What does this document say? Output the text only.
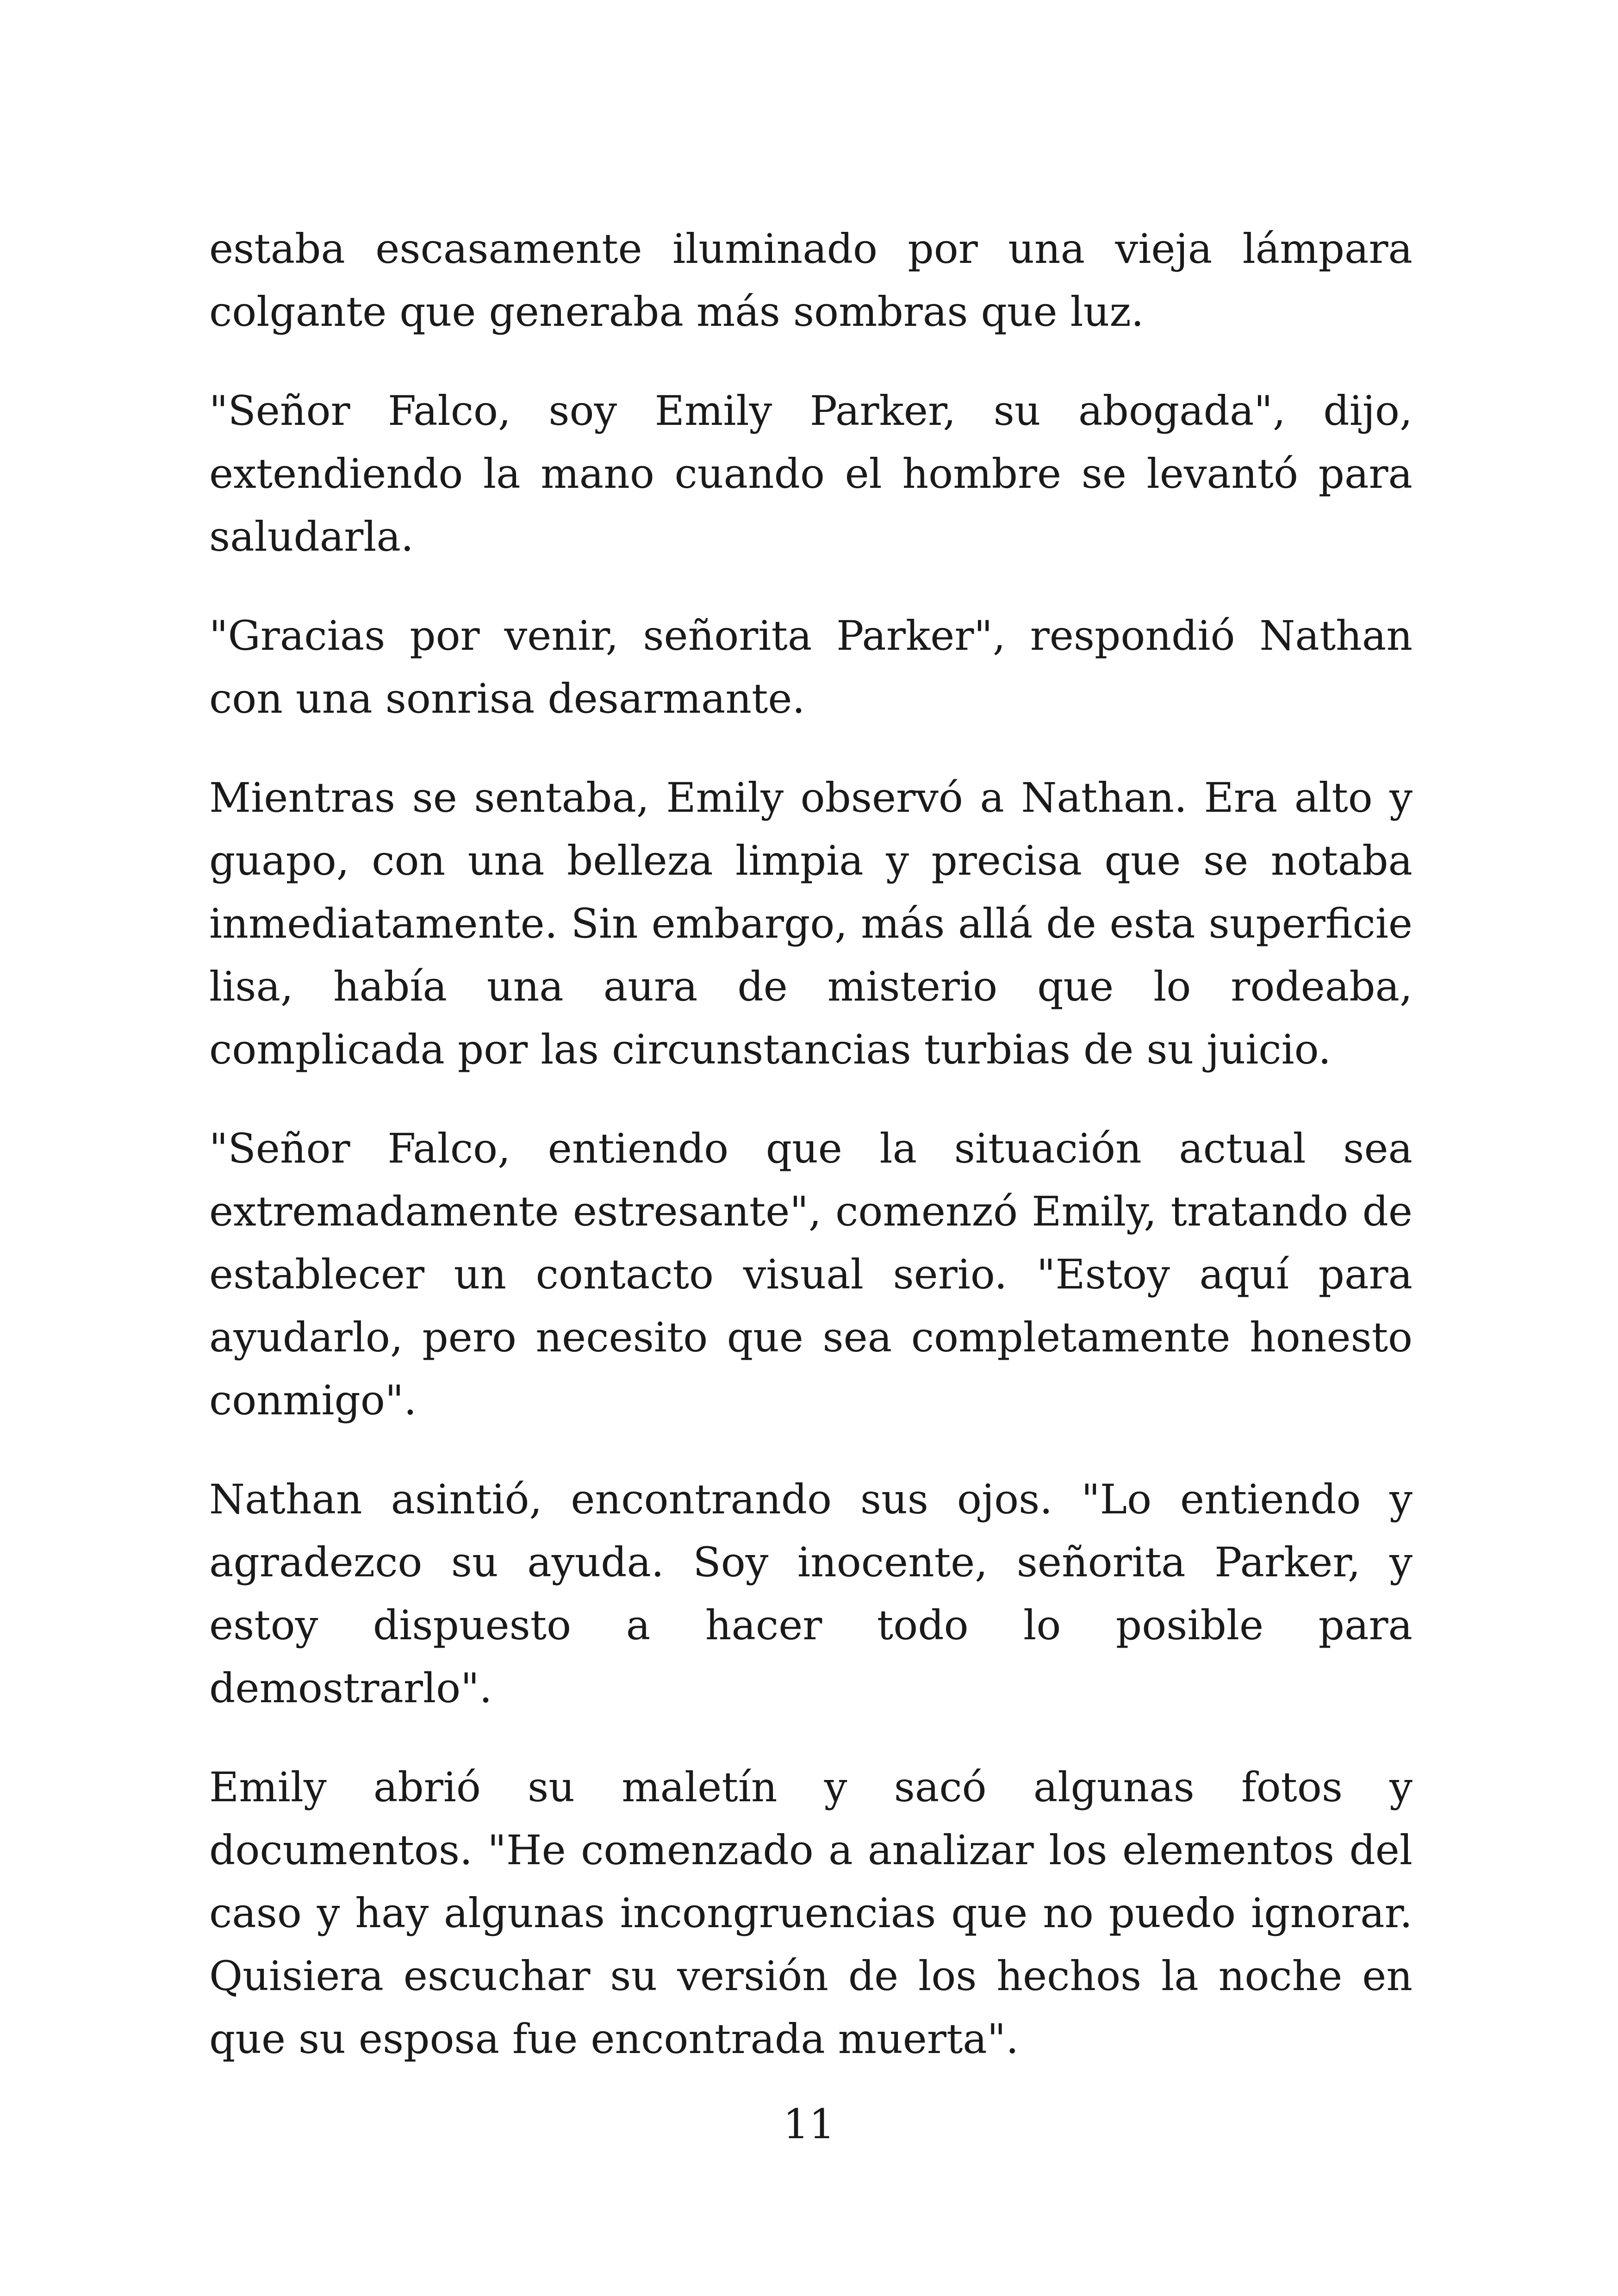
estaba escasamente iluminado por una vieja lámpara colgante que generaba más sombras que luz.

"Señor Falco, soy Emily Parker, su abogada", dijo, extendiendo la mano cuando el hombre se levantó para saludarla.

"Gracias por venir, señorita Parker", respondió Nathan con una sonrisa desarmante.

Mientras se sentaba, Emily observó a Nathan. Era alto y guapo, con una belleza limpia y precisa que se notaba inmediatamente. Sin embargo, más allá de esta superficie lisa, había una aura de misterio que lo rodeaba, complicada por las circunstancias turbias de su juicio.

"Señor Falco, entiendo que la situación actual sea extremadamente estresante", comenzó Emily, tratando de establecer un contacto visual serio. "Estoy aquí para ayudarlo, pero necesito que sea completamente honesto conmigo".

Nathan asintió, encontrando sus ojos. "Lo entiendo y agradezco su ayuda. Soy inocente, señorita Parker, y estoy dispuesto a hacer todo lo posible para demostrarlo".

Emily abrió su maletín y sacó algunas fotos y documentos. "He comenzado a analizar los elementos del caso y hay algunas incongruencias que no puedo ignorar. Quisiera escuchar su versión de los hechos la noche en que su esposa fue encontrada muerta".

11
